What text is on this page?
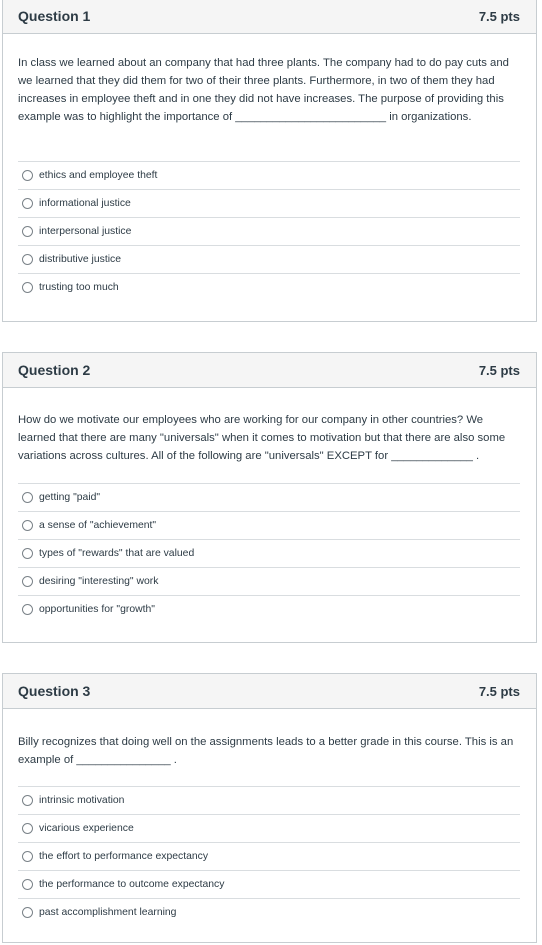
Question 1	7.5 pts
In class we learned about an company that had three plants. The company had to do pay cuts and we learned that they did them for two of their three plants. Furthermore, in two of them they had increases in employee theft and in one they did not have increases. The purpose of providing this example was to highlight the importance of ________________________ in organizations.
ethics and employee theft
informational justice
interpersonal justice
distributive justice
trusting too much
Question 2	7.5 pts
How do we motivate our employees who are working for our company in other countries? We learned that there are many "universals" when it comes to motivation but that there are also some variations across cultures. All of the following are "universals" EXCEPT for _____________ .
getting "paid"
a sense of "achievement"
types of "rewards" that are valued
desiring "interesting" work
opportunities for "growth"
Question 3	7.5 pts
Billy recognizes that doing well on the assignments leads to a better grade in this course. This is an example of _______________ .
intrinsic motivation
vicarious experience
the effort to performance expectancy
the performance to outcome expectancy
past accomplishment learning
